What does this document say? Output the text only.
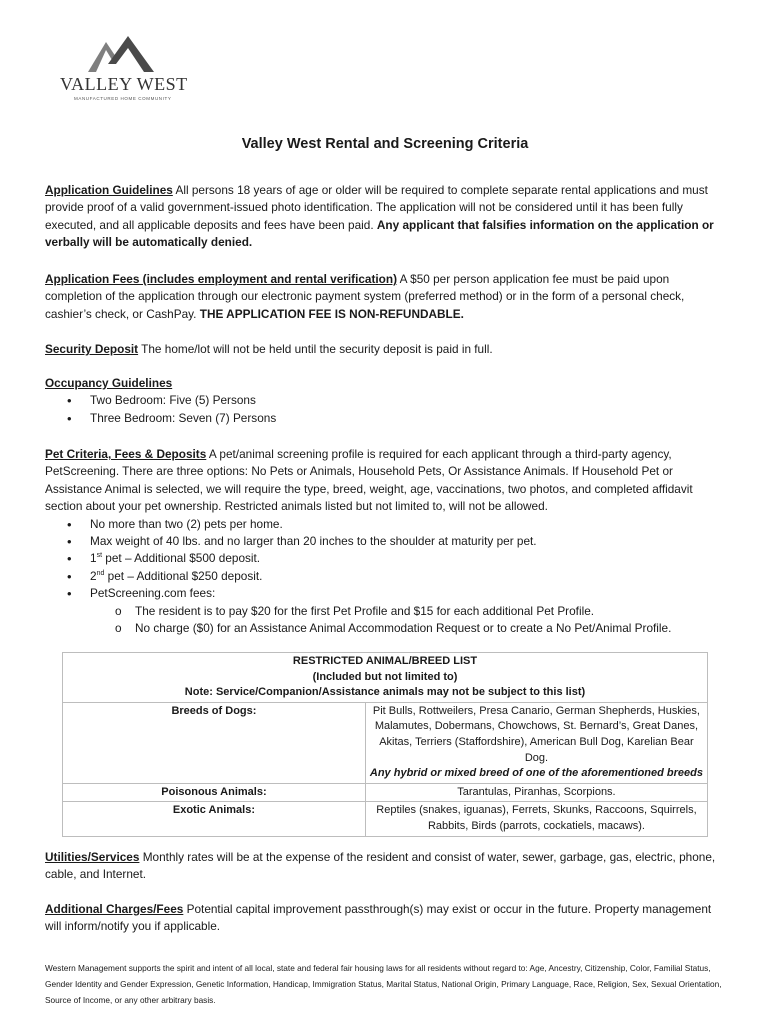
VALLEY WEST
MANUFACTURED HOME COMMUNITY
Valley West Rental and Screening Criteria
Application Guidelines All persons 18 years of age or older will be required to complete separate rental applications and must provide proof of a valid government-issued photo identification. The application will not be considered until it has been fully executed, and all applicable deposits and fees have been paid. Any applicant that falsifies information on the application or verbally will be automatically denied.
Application Fees (includes employment and rental verification) A $50 per person application fee must be paid upon completion of the application through our electronic payment system (preferred method) or in the form of a personal check, cashier’s check, or CashPay. THE APPLICATION FEE IS NON-REFUNDABLE.
Security Deposit The home/lot will not be held until the security deposit is paid in full.
Occupancy Guidelines
• Two Bedroom: Five (5) Persons
• Three Bedroom: Seven (7) Persons
Pet Criteria, Fees & Deposits A pet/animal screening profile is required for each applicant through a third-party agency, PetScreening. There are three options: No Pets or Animals, Household Pets, Or Assistance Animals. If Household Pet or Assistance Animal is selected, we will require the type, breed, weight, age, vaccinations, two photos, and completed affidavit section about your pet ownership. Restricted animals listed but not limited to, will not be allowed.
• No more than two (2) pets per home.
• Max weight of 40 lbs. and no larger than 20 inches to the shoulder at maturity per pet.
• 1st pet – Additional $500 deposit.
• 2nd pet – Additional $250 deposit.
• PetScreening.com fees:
o The resident is to pay $20 for the first Pet Profile and $15 for each additional Pet Profile.
o No charge ($0) for an Assistance Animal Accommodation Request or to create a No Pet/Animal Profile.
RESTRICTED ANIMAL/BREED LIST
(Included but not limited to)
Note: Service/Companion/Assistance animals may not be subject to this list)	

Breeds of Dogs:	Pit Bulls, Rottweilers, Presa Canario, German Shepherds, Huskies, Malamutes, Dobermans, Chowchows, St. Bernard’s, Great Danes, Akitas, Terriers (Staffordshire), American Bull Dog, Karelian Bear Dog.
Any hybrid or mixed breed of one of the aforementioned breeds

Poisonous Animals:	Tarantulas, Piranhas, Scorpions.
Exotic Animals:	Reptiles (snakes, iguanas), Ferrets, Skunks, Raccoons, Squirrels, Rabbits, Birds (parrots, cockatiels, macaws).
Utilities/Services Monthly rates will be at the expense of the resident and consist of water, sewer, garbage, gas, electric, phone, cable, and Internet.
Additional Charges/Fees Potential capital improvement passthrough(s) may exist or occur in the future. Property management will inform/notify you if applicable.
Western Management supports the spirit and intent of all local, state and federal fair housing laws for all residents without regard to: Age, Ancestry, Citizenship, Color, Familial Status, Gender Identity and Gender Expression, Genetic Information, Handicap, Immigration Status, Marital Status, National Origin, Primary Language, Race, Religion, Sex, Sexual Orientation, Source of Income, or any other arbitrary basis.
